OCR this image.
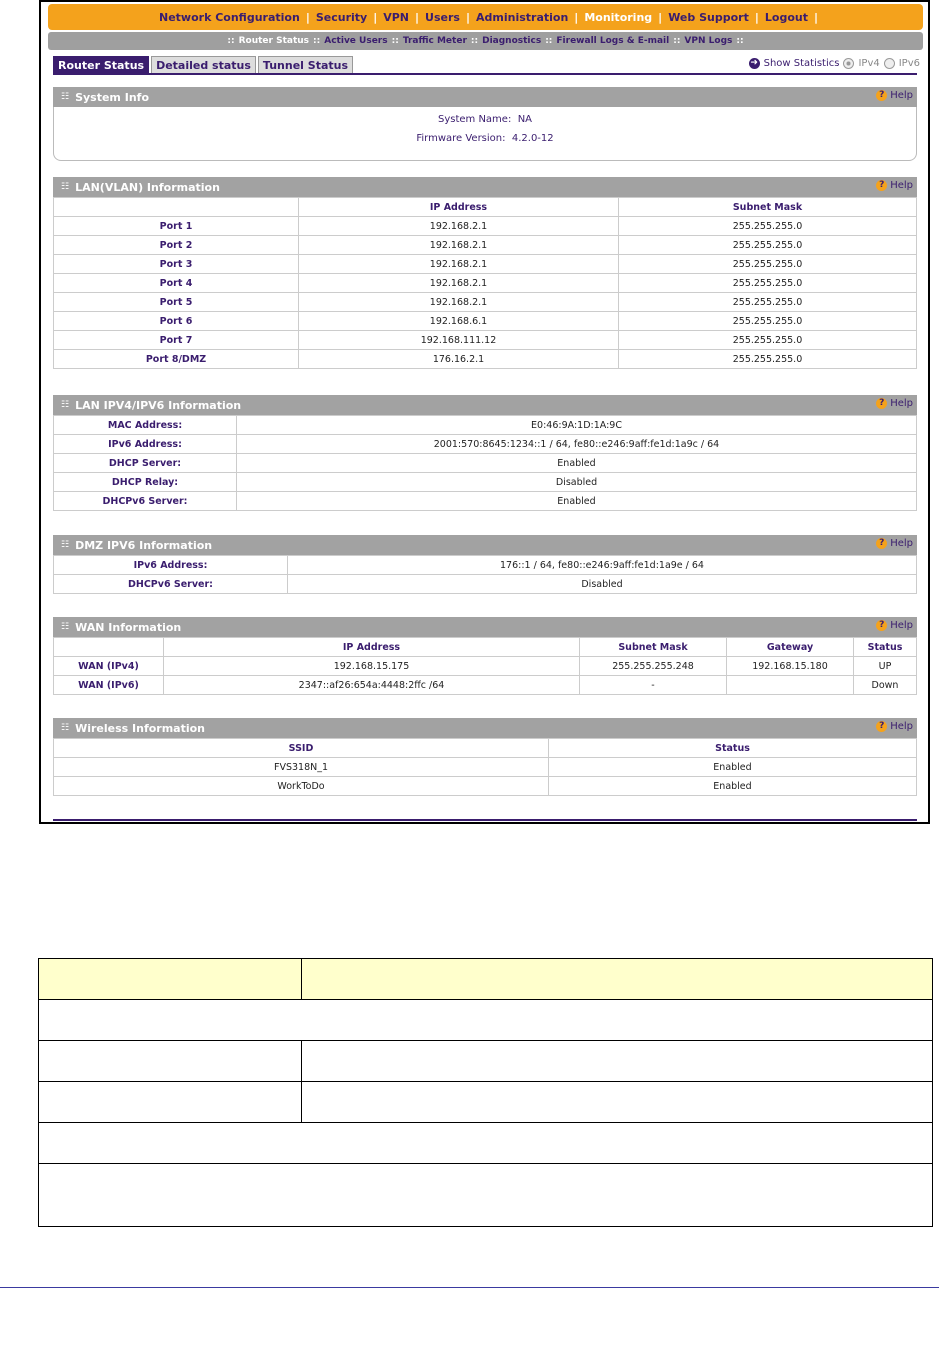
Network Configuration | Security | VPN | Users | Administration | Monitoring | Web Support | Logout |
:: Router Status :: Active Users :: Traffic Meter :: Diagnostics :: Firewall Logs & E-mail :: VPN Logs ::
Router Status	Detailed status	Tunnel Status	➜ Show Statistics IPv4 IPv6
☷ System Info	? Help
System Name: NA
Firmware Version: 4.2.0-12
☷ LAN(VLAN) Information	? Help
	IP Address	Subnet Mask
Port 1	192.168.2.1	255.255.255.0
Port 2	192.168.2.1	255.255.255.0
Port 3	192.168.2.1	255.255.255.0
Port 4	192.168.2.1	255.255.255.0
Port 5	192.168.2.1	255.255.255.0
Port 6	192.168.6.1	255.255.255.0
Port 7	192.168.111.12	255.255.255.0
Port 8/DMZ	176.16.2.1	255.255.255.0
☷ LAN IPV4/IPV6 Information	? Help
MAC Address:	E0:46:9A:1D:1A:9C
IPv6 Address:	2001:570:8645:1234::1 / 64, fe80::e246:9aff:fe1d:1a9c / 64
DHCP Server:	Enabled
DHCP Relay:	Disabled
DHCPv6 Server:	Enabled
☷ DMZ IPV6 Information	? Help
IPv6 Address:	176::1 / 64, fe80::e246:9aff:fe1d:1a9e / 64
DHCPv6 Server:	Disabled
☷ WAN Information	? Help
	IP Address	Subnet Mask	Gateway	Status
WAN (IPv4)	192.168.15.175	255.255.255.248	192.168.15.180	UP
WAN (IPv6)	2347::af26:654a:4448:2ffc /64	-		Down
☷ Wireless Information	? Help
SSID	Status
FVS318N_1	Enabled
WorkToDo	Enabled
